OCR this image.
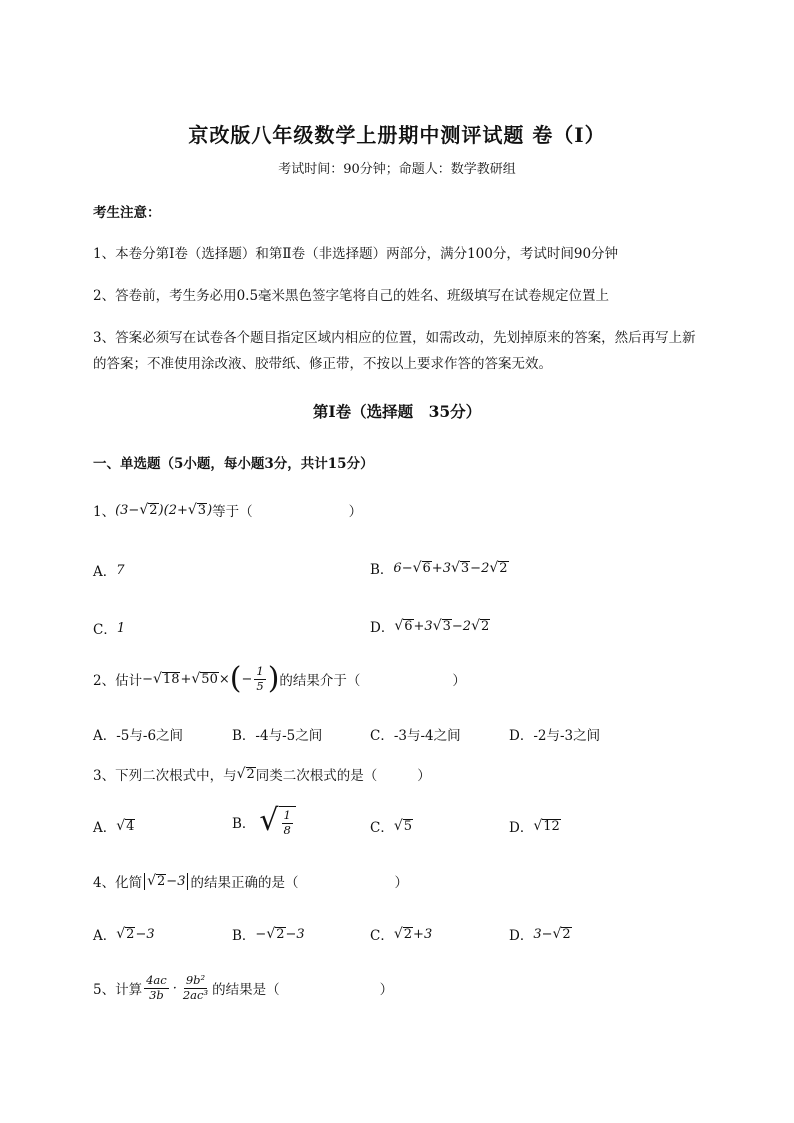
京改版八年级数学上册期中测评试题 卷（Ⅰ）
考试时间：90分钟；命题人：数学教研组
考生注意：
1、本卷分第Ⅰ卷（选择题）和第Ⅱ卷（非选择题）两部分，满分100分，考试时间90分钟
2、答卷前，考生务必用0.5毫米黑色签字笔将自己的姓名、班级填写在试卷规定位置上
3、答案必须写在试卷各个题目指定区域内相应的位置，如需改动，先划掉原来的答案，然后再写上新
的答案；不准使用涂改液、胶带纸、修正带，不按以上要求作答的答案无效。
第Ⅰ卷（选择题　35分）
一、单选题（5小题，每小题3分，共计15分）
1、 (3− √ 2 )(2+ √ 3 ) 等于（	）
A． 7	B． 6− √ 6 +3 √ 3 −2 √ 2
C． 1	D． √ 6 +3 √ 3 −2 √ 2
2、估计 − √ 18 + √ 50 × ( − $\frac{1}{5}$ ) 的结果介于（	）
A．-5与-6之间	B．-4与-5之间	C．-3与-4之间	D．-2与-3之间
3、下列二次根式中，与 √ 2 同类二次根式的是（	）
A． √ 4	B． √ $\frac{1}{8}$	C． √ 5	D． √ 12
4、化简 √ 2 −3 的结果正确的是（	）
A． √ 2 −3	B． − √ 2 −3	C． √ 2 +3	D． 3− √ 2
5、计算 $\frac{4ac}{3b} \cdot \frac{\text{9b²}}{\text{2ac³}}$ 的结果是（	）
